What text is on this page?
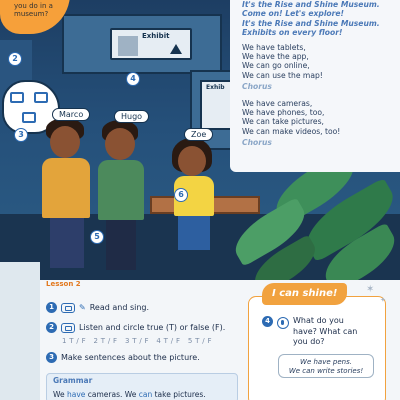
Exhibit
Exhib
you do in a museum?
Marco	Hugo
Zoe
2
3
4
5
6

It's the Rise and Shine Museum.

Come on! Let's explore!

It's the Rise and Shine Museum.

Exhibits on every floor!

We have tablets,

We have the app,

We can go online,

We can use the map!

Chorus

We have cameras,

We have phones, too,

We can take pictures,

We can make videos, too!

Chorus

Lesson 2
1	✎ Read and sing.
2	Listen and circle true (T) or false (F).
1 T / F 2 T / F 3 T / F 4 T / F 5 T / F
3 Make sentences about the picture.
Grammar
We have cameras. We can take pictures.
I can shine!	✶
✦
4	What do you have? What can you do?
We have pens.
We can write stories!
